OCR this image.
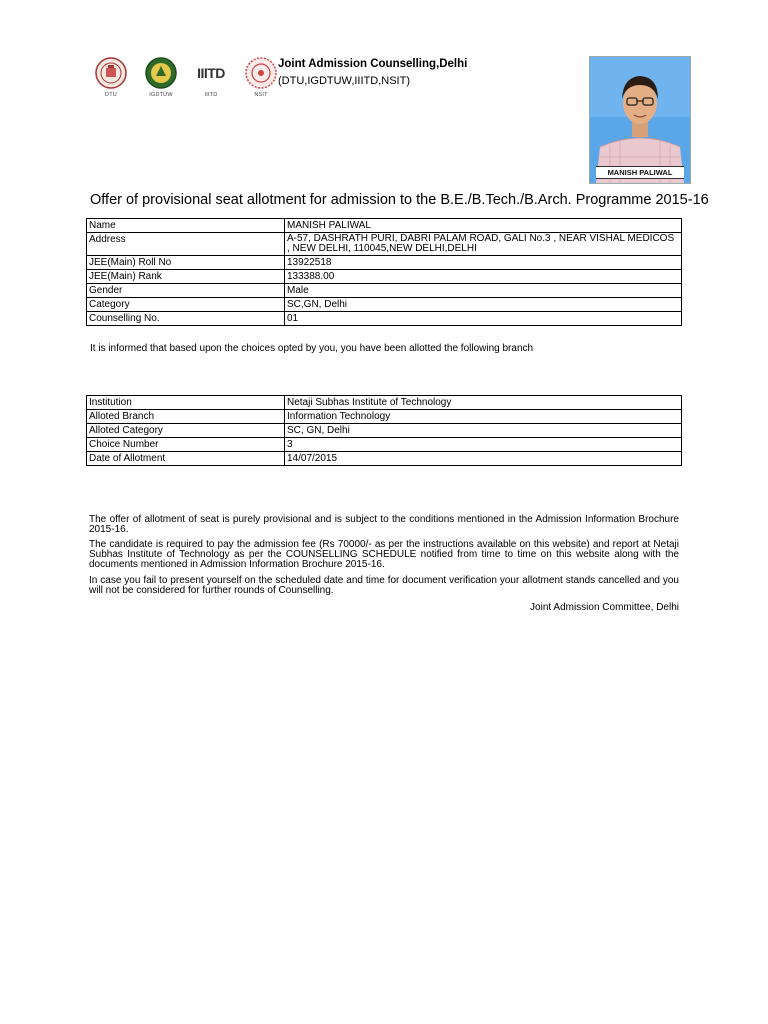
DTU	IGDTUW
IIITD
IIITD	NSIT
Joint Admission Counselling,Delhi
(DTU,IGDTUW,IIITD,NSIT)
MANISH PALIWAL
Offer of provisional seat allotment for admission to the B.E./B.Tech./B.Arch. Programme 2015-16
Name	MANISH PALIWAL
Address	A-57, DASHRATH PURI, DABRI PALAM ROAD, GALI No.3 , NEAR VISHAL MEDICOS , NEW DELHI, 110045,NEW DELHI,DELHI
JEE(Main) Roll No	13922518
JEE(Main) Rank	133388.00
Gender	Male
Category	SC,GN, Delhi
Counselling No.	01
It is informed that based upon the choices opted by you, you have been allotted the following branch
Institution	Netaji Subhas Institute of Technology
Alloted Branch	Information Technology
Alloted Category	SC, GN, Delhi
Choice Number	3
Date of Allotment	14/07/2015
The offer of allotment of seat is purely provisional and is subject to the conditions mentioned in the Admission Information Brochure 2015-16.
The candidate is required to pay the admission fee (Rs 70000/- as per the instructions available on this website) and report at Netaji Subhas Institute of Technology as per the COUNSELLING SCHEDULE notified from time to time on this website along with the documents mentioned in Admission Information Brochure 2015-16.
In case you fail to present yourself on the scheduled date and time for document verification your allotment stands cancelled and you will not be considered for further rounds of Counselling.
Joint Admission Committee, Delhi
